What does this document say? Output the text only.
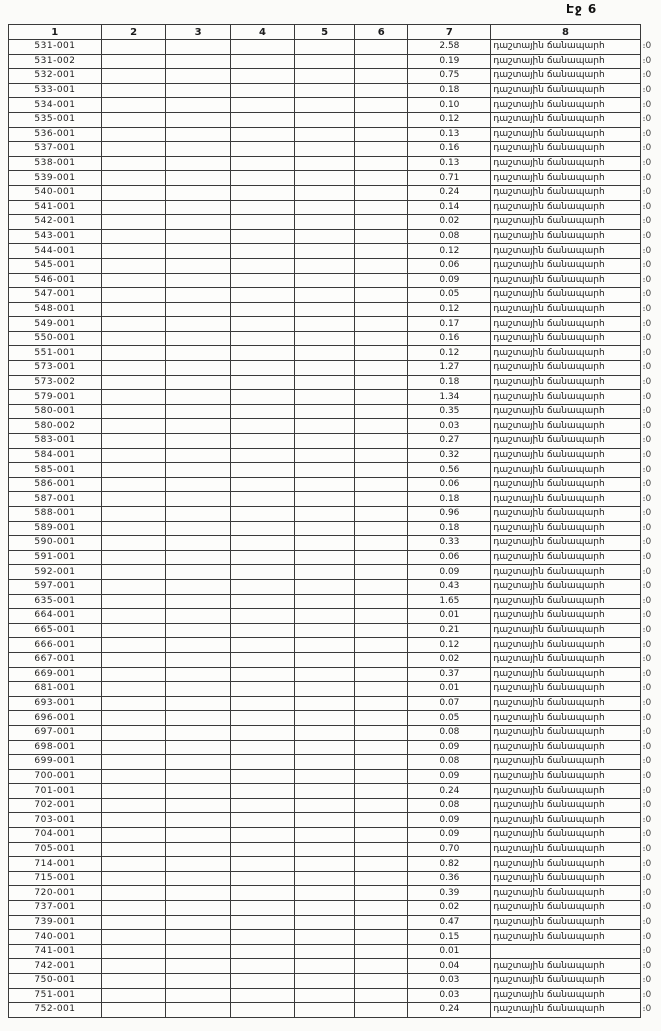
Էջ 6
1	2	3	4	5	6	7	8	
531-001						2.58	դաշտային ճանապարհ	։0
531-002						0.19	դաշտային ճանապարհ	։0
532-001						0.75	դաշտային ճանապարհ	։0
533-001						0.18	դաշտային ճանապարհ	։0
534-001						0.10	դաշտային ճանապարհ	։0
535-001						0.12	դաշտային ճանապարհ	։0
536-001						0.13	դաշտային ճանապարհ	։0
537-001						0.16	դաշտային ճանապարհ	։0
538-001						0.13	դաշտային ճանապարհ	։0
539-001						0.71	դաշտային ճանապարհ	։0
540-001						0.24	դաշտային ճանապարհ	։0
541-001						0.14	դաշտային ճանապարհ	։0
542-001						0.02	դաշտային ճանապարհ	։0
543-001						0.08	դաշտային ճանապարհ	։0
544-001						0.12	դաշտային ճանապարհ	։0
545-001						0.06	դաշտային ճանապարհ	։0
546-001						0.09	դաշտային ճանապարհ	։0
547-001						0.05	դաշտային ճանապարհ	։0
548-001						0.12	դաշտային ճանապարհ	։0
549-001						0.17	դաշտային ճանապարհ	։0
550-001						0.16	դաշտային ճանապարհ	։0
551-001						0.12	դաշտային ճանապարհ	։0
573-001						1.27	դաշտային ճանապարհ	։0
573-002						0.18	դաշտային ճանապարհ	։0
579-001						1.34	դաշտային ճանապարհ	։0
580-001						0.35	դաշտային ճանապարհ	։0
580-002						0.03	դաշտային ճանապարհ	։0
583-001						0.27	դաշտային ճանապարհ	։0
584-001						0.32	դաշտային ճանապարհ	։0
585-001						0.56	դաշտային ճանապարհ	։0
586-001						0.06	դաշտային ճանապարհ	։0
587-001						0.18	դաշտային ճանապարհ	։0
588-001						0.96	դաշտային ճանապարհ	։0
589-001						0.18	դաշտային ճանապարհ	։0
590-001						0.33	դաշտային ճանապարհ	։0
591-001						0.06	դաշտային ճանապարհ	։0
592-001						0.09	դաշտային ճանապարհ	։0
597-001						0.43	դաշտային ճանապարհ	։0
635-001						1.65	դաշտային ճանապարհ	։0
664-001						0.01	դաշտային ճանապարհ	։0
665-001						0.21	դաշտային ճանապարհ	։0
666-001						0.12	դաշտային ճանապարհ	։0
667-001						0.02	դաշտային ճանապարհ	։0
669-001						0.37	դաշտային ճանապարհ	։0
681-001						0.01	դաշտային ճանապարհ	։0
693-001						0.07	դաշտային ճանապարհ	։0
696-001						0.05	դաշտային ճանապարհ	։0
697-001						0.08	դաշտային ճանապարհ	։0
698-001						0.09	դաշտային ճանապարհ	։0
699-001						0.08	դաշտային ճանապարհ	։0
700-001						0.09	դաշտային ճանապարհ	։0
701-001						0.24	դաշտային ճանապարհ	։0
702-001						0.08	դաշտային ճանապարհ	։0
703-001						0.09	դաշտային ճանապարհ	։0
704-001						0.09	դաշտային ճանապարհ	։0
705-001						0.70	դաշտային ճանապարհ	։0
714-001						0.82	դաշտային ճանապարհ	։0
715-001						0.36	դաշտային ճանապարհ	։0
720-001						0.39	դաշտային ճանապարհ	։0
737-001						0.02	դաշտային ճանապարհ	։0
739-001						0.47	դաշտային ճանապարհ	։0
740-001						0.15	դաշտային ճանապարհ	։0
741-001						0.01		։0
742-001						0.04	դաշտային ճանապարհ	։0
750-001						0.03	դաշտային ճանապարհ	։0
751-001						0.03	դաշտային ճանապարհ	։0
752-001						0.24	դաշտային ճանապարհ	։0
